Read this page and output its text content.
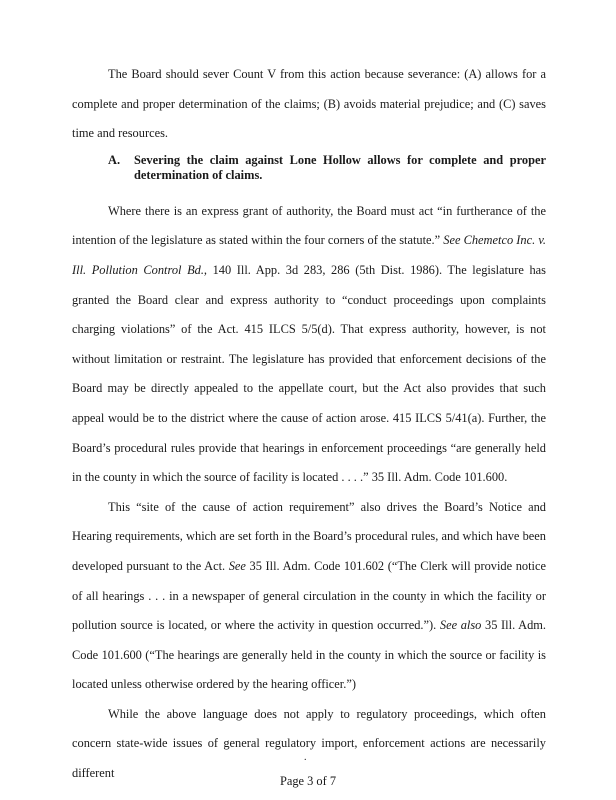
The Board should sever Count V from this action because severance: (A) allows for a complete and proper determination of the claims; (B) avoids material prejudice; and (C) saves time and resources.

A.	Severing the claim against Lone Hollow allows for complete and proper determination of claims.

Where there is an express grant of authority, the Board must act “in furtherance of the intention of the legislature as stated within the four corners of the statute.” See Chemetco Inc. v. Ill. Pollution Control Bd., 140 Ill. App. 3d 283, 286 (5th Dist. 1986). The legislature has granted the Board clear and express authority to “conduct proceedings upon complaints charging violations” of the Act. 415 ILCS 5/5(d). That express authority, however, is not without limitation or restraint. The legislature has provided that enforcement decisions of the Board may be directly appealed to the appellate court, but the Act also provides that such appeal would be to the district where the cause of action arose. 415 ILCS 5/41(a). Further, the Board’s procedural rules provide that hearings in enforcement proceedings “are generally held in the county in which the source of facility is located . . . .” 35 Ill. Adm. Code 101.600.

This “site of the cause of action requirement” also drives the Board’s Notice and Hearing requirements, which are set forth in the Board’s procedural rules, and which have been developed pursuant to the Act. See 35 Ill. Adm. Code 101.602 (“The Clerk will provide notice of all hearings . . . in a newspaper of general circulation in the county in which the facility or pollution source is located, or where the activity in question occurred.”). See also 35 Ill. Adm. Code 101.600 (“The hearings are generally held in the county in which the source or facility is located unless otherwise ordered by the hearing officer.”)

While the above language does not apply to regulatory proceedings, which often concern state-wide issues of general regulatory import, enforcement actions are necessarily different

.
Page 3 of 7
